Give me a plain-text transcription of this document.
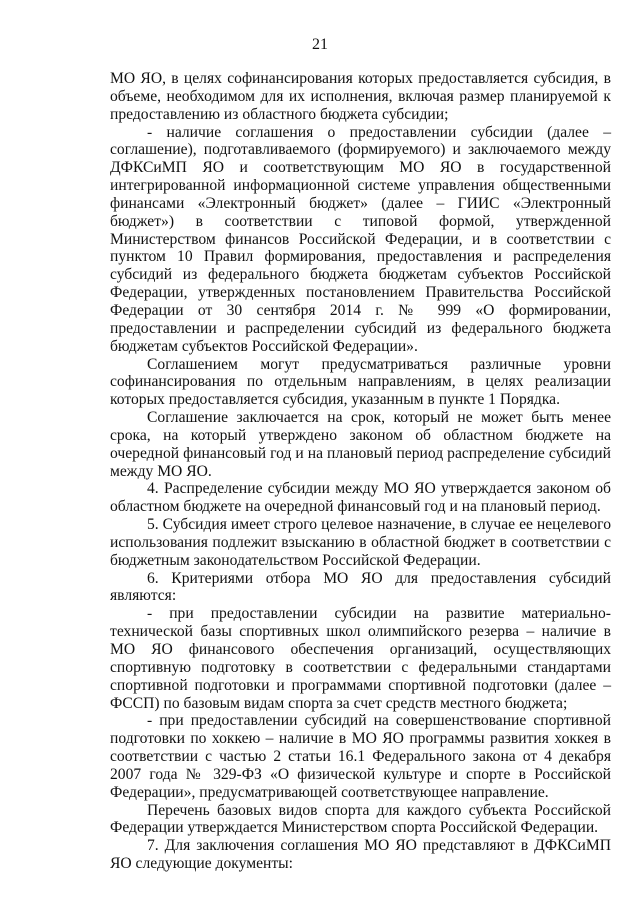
21

МО ЯО, в целях софинансирования которых предоставляется субсидия, в объеме, необходимом для их исполнения, включая размер планируемой к предоставлению из областного бюджета субсидии;

- наличие соглашения о предоставлении субсидии (далее – соглашение), подготавливаемого (формируемого) и заключаемого между ДФКСиМП ЯО и соответствующим МО ЯО в государственной интегрированной информационной системе управления общественными финансами «Электронный бюджет» (далее – ГИИС «Электронный бюджет») в соответствии с типовой формой, утвержденной Министерством финансов Российской Федерации, и в соответствии с пунктом 10 Правил формирования, предоставления и распределения субсидий из федерального бюджета бюджетам субъектов Российской Федерации, утвержденных постановлением Правительства Российской Федерации от 30 сентября 2014 г. № 999 «О формировании, предоставлении и распределении субсидий из федерального бюджета бюджетам субъектов Российской Федерации».

Соглашением могут предусматриваться различные уровни софинансирования по отдельным направлениям, в целях реализации которых предоставляется субсидия, указанным в пункте 1 Порядка.

Соглашение заключается на срок, который не может быть менее срока, на который утверждено законом об областном бюджете на очередной финансовый год и на плановый период распределение субсидий между МО ЯО.

4. Распределение субсидии между МО ЯО утверждается законом об областном бюджете на очередной финансовый год и на плановый период.

5. Субсидия имеет строго целевое назначение, в случае ее нецелевого использования подлежит взысканию в областной бюджет в соответствии с бюджетным законодательством Российской Федерации.

6. Критериями отбора МО ЯО для предоставления субсидий являются:

- при предоставлении субсидии на развитие материально-технической базы спортивных школ олимпийского резерва – наличие в МО ЯО финансового обеспечения организаций, осуществляющих спортивную подготовку в соответствии с федеральными стандартами спортивной подготовки и программами спортивной подготовки (далее – ФССП) по базовым видам спорта за счет средств местного бюджета;

- при предоставлении субсидий на совершенствование спортивной подготовки по хоккею – наличие в МО ЯО программы развития хоккея в соответствии с частью 2 статьи 16.1 Федерального закона от 4 декабря 2007 года № 329-ФЗ «О физической культуре и спорте в Российской Федерации», предусматривающей соответствующее направление.

Перечень базовых видов спорта для каждого субъекта Российской Федерации утверждается Министерством спорта Российской Федерации.

7. Для заключения соглашения МО ЯО представляют в ДФКСиМП ЯО следующие документы:
